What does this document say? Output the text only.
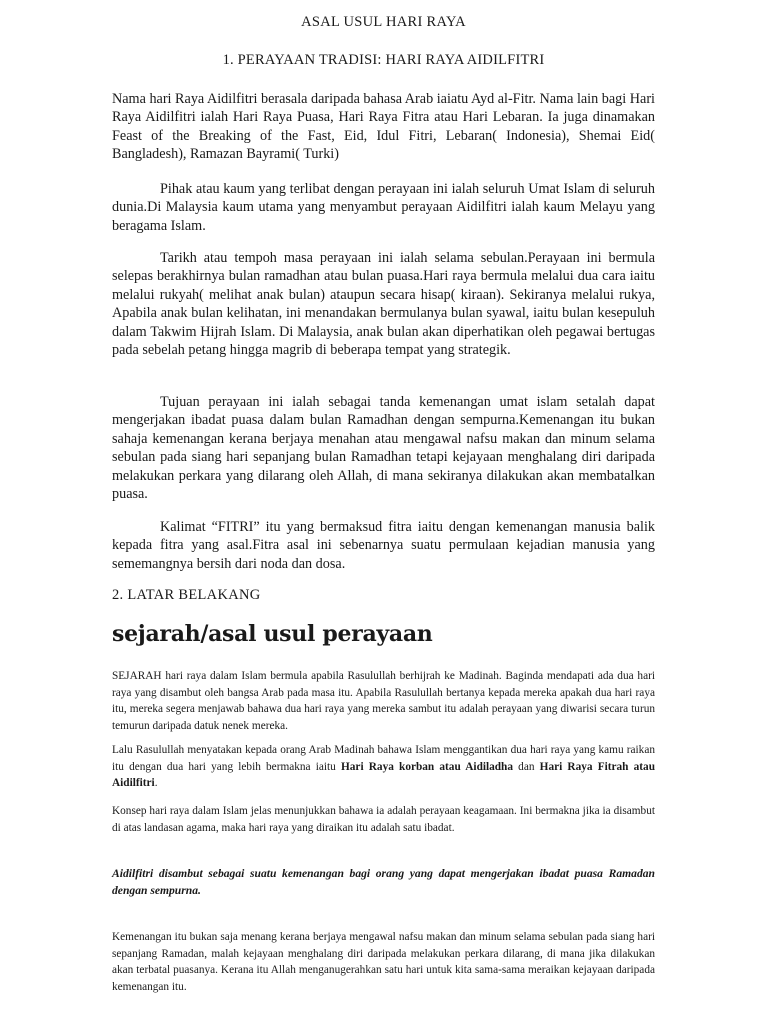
ASAL USUL HARI RAYA
1. PERAYAAN TRADISI: HARI RAYA AIDILFITRI

Nama hari Raya Aidilfitri berasala daripada bahasa Arab iaiatu Ayd al-Fitr. Nama lain bagi Hari Raya Aidilfitri ialah Hari Raya Puasa, Hari Raya Fitra atau Hari Lebaran. Ia juga dinamakan Feast of the Breaking of the Fast, Eid, Idul Fitri, Lebaran( Indonesia), Shemai Eid( Bangladesh), Ramazan Bayrami( Turki)

Pihak atau kaum yang terlibat dengan perayaan ini ialah seluruh Umat Islam di seluruh dunia.Di Malaysia kaum utama yang menyambut perayaan Aidilfitri ialah kaum Melayu yang beragama Islam.

Tarikh atau tempoh masa perayaan ini ialah selama sebulan.Perayaan ini bermula selepas berakhirnya bulan ramadhan atau bulan puasa.Hari raya bermula melalui dua cara iaitu melalui rukyah( melihat anak bulan) ataupun secara hisap( kiraan). Sekiranya melalui rukya, Apabila anak bulan kelihatan, ini menandakan bermulanya bulan syawal, iaitu bulan kesepuluh dalam Takwim Hijrah Islam. Di Malaysia, anak bulan akan diperhatikan oleh pegawai bertugas pada sebelah petang hingga magrib di beberapa tempat yang strategik.

Tujuan perayaan ini ialah sebagai tanda kemenangan umat islam setalah dapat mengerjakan ibadat puasa dalam bulan Ramadhan dengan sempurna.Kemenangan itu bukan sahaja kemenangan kerana berjaya menahan atau mengawal nafsu makan dan minum selama sebulan pada siang hari sepanjang bulan Ramadhan tetapi kejayaan menghalang diri daripada melakukan perkara yang dilarang oleh Allah, di mana sekiranya dilakukan akan membatalkan puasa.

Kalimat “FITRI” itu yang bermaksud fitra iaitu dengan kemenangan manusia balik kepada fitra yang asal.Fitra asal ini sebenarnya suatu permulaan kejadian manusia yang sememangnya bersih dari noda dan dosa.

2. LATAR BELAKANG
sejarah/asal usul perayaan

SEJARAH hari raya dalam Islam bermula apabila Rasulullah berhijrah ke Madinah. Baginda mendapati ada dua hari raya yang disambut oleh bangsa Arab pada masa itu. Apabila Rasulullah bertanya kepada mereka apakah dua hari raya itu, mereka segera menjawab bahawa dua hari raya yang mereka sambut itu adalah perayaan yang diwarisi secara turun temurun daripada datuk nenek mereka.

Lalu Rasulullah menyatakan kepada orang Arab Madinah bahawa Islam menggantikan dua hari raya yang kamu raikan itu dengan dua hari yang lebih bermakna iaitu Hari Raya korban atau Aidiladha dan Hari Raya Fitrah atau Aidilfitri.

Konsep hari raya dalam Islam jelas menunjukkan bahawa ia adalah perayaan keagamaan. Ini bermakna jika ia disambut di atas landasan agama, maka hari raya yang diraikan itu adalah satu ibadat.

Aidilfitri disambut sebagai suatu kemenangan bagi orang yang dapat mengerjakan ibadat puasa Ramadan dengan sempurna.

Kemenangan itu bukan saja menang kerana berjaya mengawal nafsu makan dan minum selama sebulan pada siang hari sepanjang Ramadan, malah kejayaan menghalang diri daripada melakukan perkara dilarang, di mana jika dilakukan akan terbatal puasanya. Kerana itu Allah menganugerahkan satu hari untuk kita sama-sama meraikan kejayaan daripada kemenangan itu.
